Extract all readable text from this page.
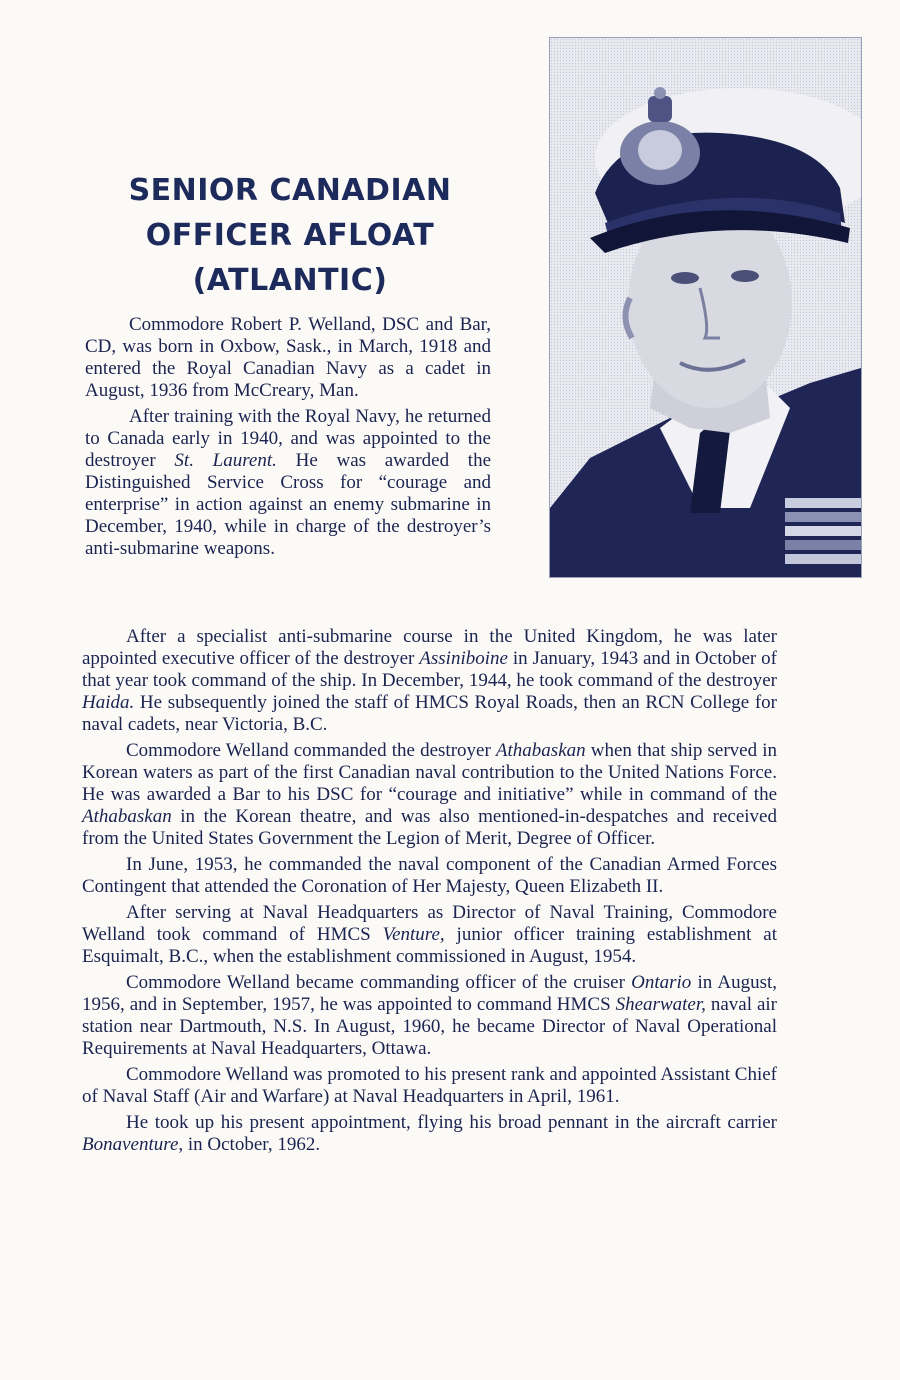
SENIOR CANADIAN
OFFICER AFLOAT
(ATLANTIC)

Commodore Robert P. Welland, DSC and Bar, CD, was born in Oxbow, Sask., in March, 1918 and entered the Royal Canadian Navy as a cadet in August, 1936 from McCreary, Man.

After training with the Royal Navy, he returned to Canada early in 1940, and was appointed to the destroyer St. Laurent. He was awarded the Distinguished Service Cross for “courage and enterprise” in action against an enemy submarine in December, 1940, while in charge of the destroyer’s anti-submarine weapons.

After a specialist anti-submarine course in the United Kingdom, he was later appointed executive officer of the destroyer Assiniboine in January, 1943 and in October of that year took command of the ship. In December, 1944, he took command of the destroyer Haida. He subsequently joined the staff of HMCS Royal Roads, then an RCN College for naval cadets, near Victoria, B.C.

Commodore Welland commanded the destroyer Athabaskan when that ship served in Korean waters as part of the first Canadian naval contribution to the United Nations Force. He was awarded a Bar to his DSC for “courage and initiative” while in command of the Athabaskan in the Korean theatre, and was also mentioned-in-despatches and received from the United States Government the Legion of Merit, Degree of Officer.

In June, 1953, he commanded the naval component of the Canadian Armed Forces Contingent that attended the Coronation of Her Majesty, Queen Elizabeth II.

After serving at Naval Headquarters as Director of Naval Training, Commodore Welland took command of HMCS Venture, junior officer training establishment at Esquimalt, B.C., when the establishment commissioned in August, 1954.

Commodore Welland became commanding officer of the cruiser Ontario in August, 1956, and in September, 1957, he was appointed to command HMCS Shearwater, naval air station near Dartmouth, N.S. In August, 1960, he became Director of Naval Operational Requirements at Naval Headquarters, Ottawa.

Commodore Welland was promoted to his present rank and appointed Assistant Chief of Naval Staff (Air and Warfare) at Naval Headquarters in April, 1961.

He took up his present appointment, flying his broad pennant in the aircraft carrier Bonaventure, in October, 1962.
